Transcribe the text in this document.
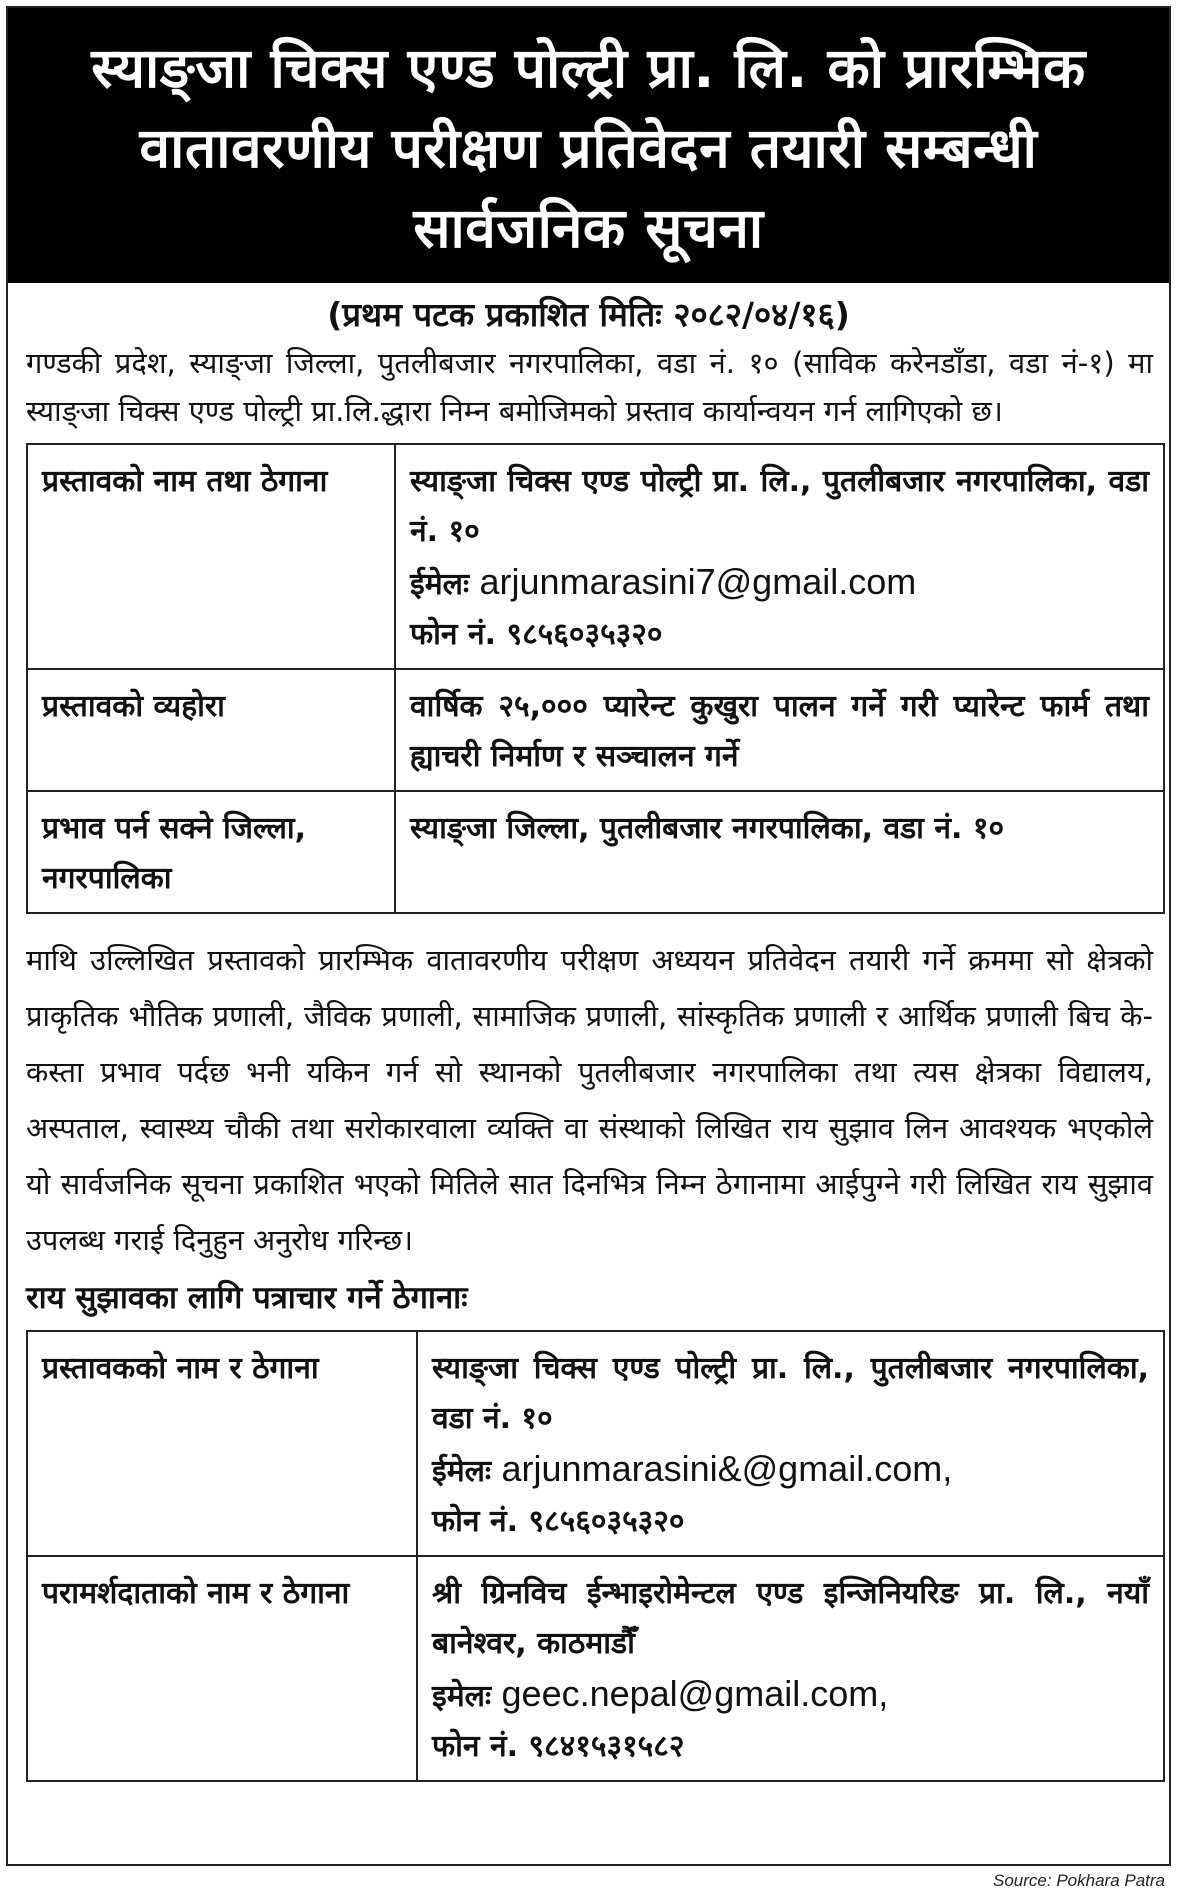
स्याङ्जा चिक्स एण्ड पोल्ट्री प्रा. लि. को प्रारम्भिक
वातावरणीय परीक्षण प्रतिवेदन तयारी सम्बन्धी
सार्वजनिक सूचना
(प्रथम पटक प्रकाशित मितिः २०८२/०४/१६)

गण्डकी प्रदेश, स्याङ्जा जिल्ला, पुतलीबजार नगरपालिका, वडा नं. १० (साविक करेनडाँडा, वडा नं-१) मा स्याङ्जा चिक्स एण्ड पोल्ट्री प्रा.लि.द्धारा निम्न बमोजिमको प्रस्ताव कार्यान्वयन गर्न लागिएको छ।

प्रस्तावको नाम तथा ठेगाना	स्याङ्जा चिक्स एण्ड पोल्ट्री प्रा. लि., पुतलीबजार नगरपालिका, वडा नं. १०
ईमेलः arjunmarasini7@gmail.com
फोन नं. ९८५६०३५३२०

प्रस्तावको व्यहोरा	वार्षिक २५,००० प्यारेन्ट कुखुरा पालन गर्ने गरी प्यारेन्ट फार्म तथा ह्याचरी निर्माण र सञ्चालन गर्ने
प्रभाव पर्न सक्ने जिल्ला, नगरपालिका	स्याङ्जा जिल्ला, पुतलीबजार नगरपालिका, वडा नं. १०

माथि उल्लिखित प्रस्तावको प्रारम्भिक वातावरणीय परीक्षण अध्ययन प्रतिवेदन तयारी गर्ने क्रममा सो क्षेत्रको प्राकृतिक भौतिक प्रणाली, जैविक प्रणाली, सामाजिक प्रणाली, सांस्कृतिक प्रणाली र आर्थिक प्रणाली बिच के-कस्ता प्रभाव पर्दछ भनी यकिन गर्न सो स्थानको पुतलीबजार नगरपालिका तथा त्यस क्षेत्रका विद्यालय, अस्पताल, स्वास्थ्य चौकी तथा सरोकारवाला व्यक्ति वा संस्थाको लिखित राय सुझाव लिन आवश्यक भएकोले यो सार्वजनिक सूचना प्रकाशित भएको मितिले सात दिनभित्र निम्न ठेगानामा आईपुग्ने गरी लिखित राय सुझाव उपलब्ध गराई दिनुहुन अनुरोध गरिन्छ।

राय सुझावका लागि पत्राचार गर्ने ठेगानाः
प्रस्तावकको नाम र ठेगाना	स्याङ्जा चिक्स एण्ड पोल्ट्री प्रा. लि., पुतलीबजार नगरपालिका, वडा नं. १०
ईमेलः arjunmarasini&@gmail.com,
फोन नं. ९८५६०३५३२०

परामर्शदाताको नाम र ठेगाना	श्री ग्रिनविच ईन्भाइरोमेन्टल एण्ड इन्जिनियरिङ प्रा. लि., नयाँ बानेश्वर, काठमाडौँ
इमेलः geec.nepal@gmail.com,
फोन नं. ९८४१५३१५८२
Source: Pokhara Patra
